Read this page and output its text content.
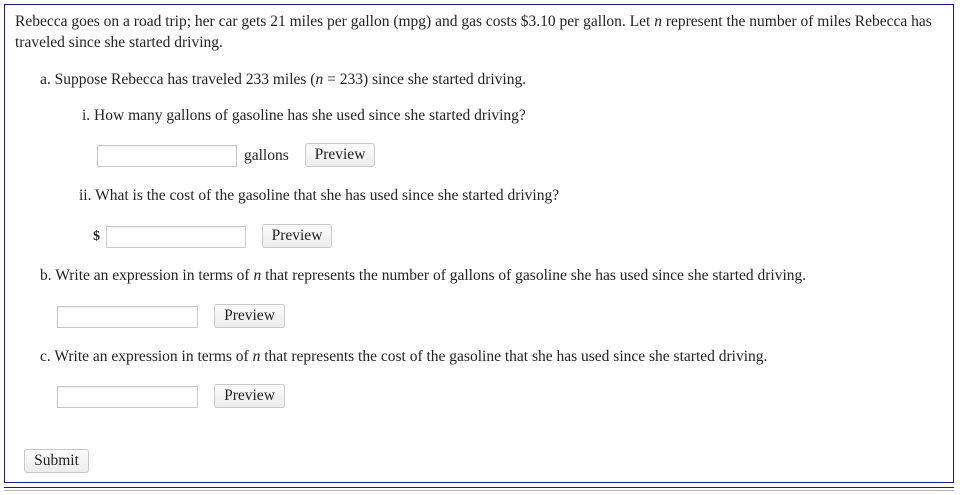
Rebecca goes on a road trip; her car gets 21 miles per gallon (mpg) and gas costs $3.10 per gallon. Let n represent the number of miles Rebecca has traveled since she started driving.
a. Suppose Rebecca has traveled 233 miles (n = 233) since she started driving.
i. How many gallons of gasoline has she used since she started driving?
gallons	Preview
ii. What is the cost of the gasoline that she has used since she started driving?
$	Preview
b. Write an expression in terms of n that represents the number of gallons of gasoline she has used since she started driving.
Preview
c. Write an expression in terms of n that represents the cost of the gasoline that she has used since she started driving.
Preview
Submit
